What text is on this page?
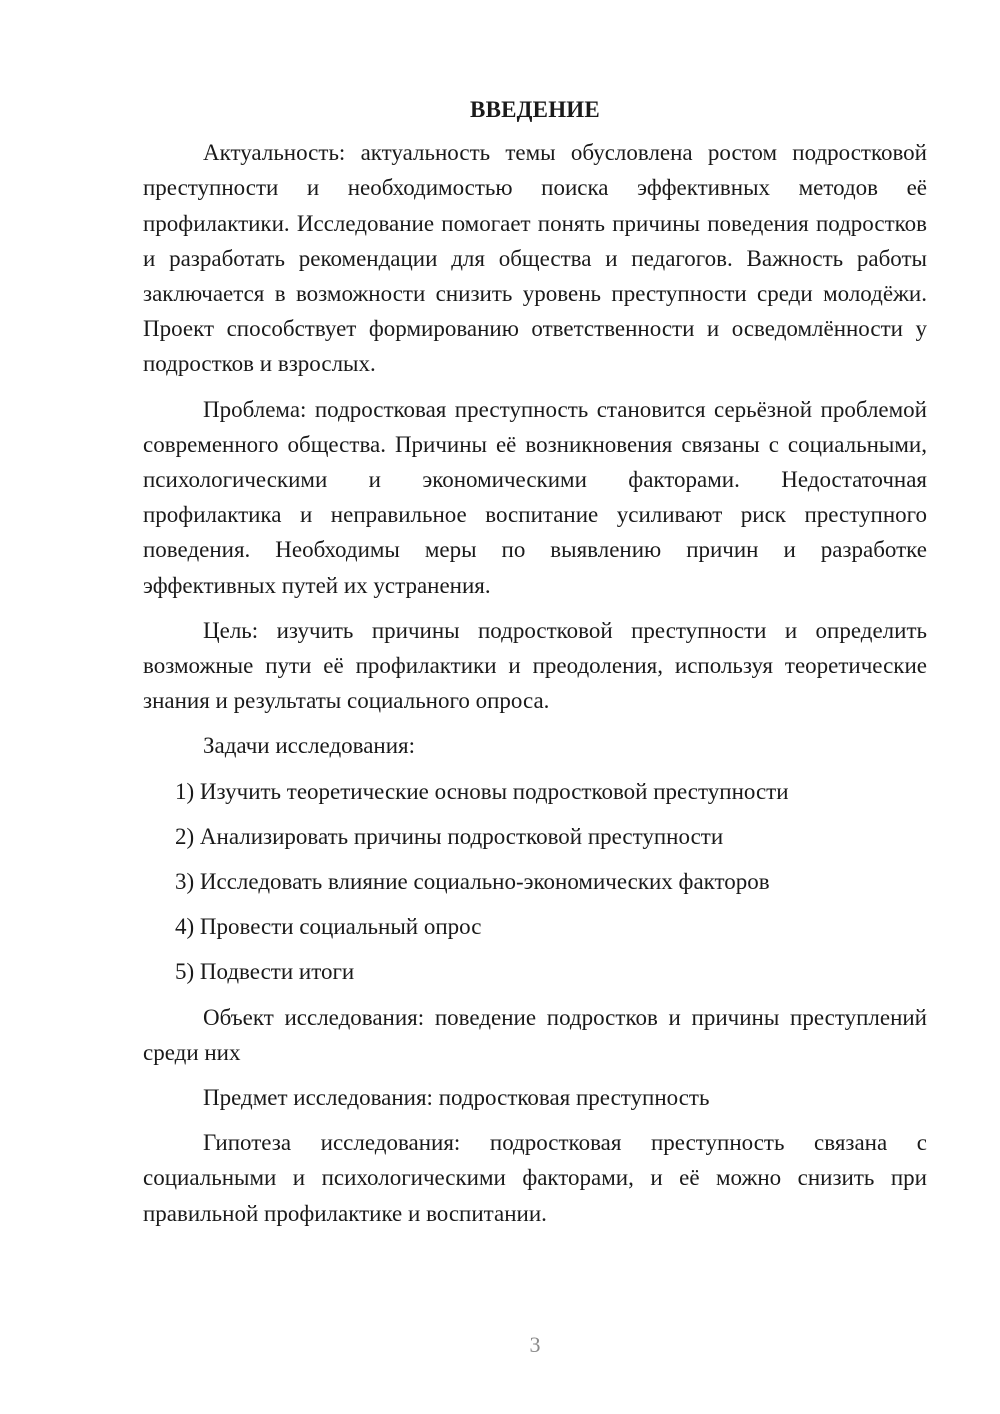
ВВЕДЕНИЕ

Актуальность: актуальность темы обусловлена ростом подростковой преступности и необходимостью поиска эффективных методов её профилактики. Исследование помогает понять причины поведения подростков и разработать рекомендации для общества и педагогов. Важность работы заключается в возможности снизить уровень преступности среди молодёжи. Проект способствует формированию ответственности и осведомлённости у подростков и взрослых.

Проблема: подростковая преступность становится серьёзной проблемой современного общества. Причины её возникновения связаны с социальными, психологическими и экономическими факторами. Недостаточная профилактика и неправильное воспитание усиливают риск преступного поведения. Необходимы меры по выявлению причин и разработке эффективных путей их устранения.

Цель: изучить причины подростковой преступности и определить возможные пути её профилактики и преодоления, используя теоретические знания и результаты социального опроса.

Задачи исследования:
1) Изучить теоретические основы подростковой преступности
2) Анализировать причины подростковой преступности
3) Исследовать влияние социально-экономических факторов
4) Провести социальный опрос
5) Подвести итоги

Объект исследования: поведение подростков и причины преступлений среди них

Предмет исследования: подростковая преступность

Гипотеза исследования: подростковая преступность связана с социальными и психологическими факторами, и её можно снизить при правильной профилактике и воспитании.

3
